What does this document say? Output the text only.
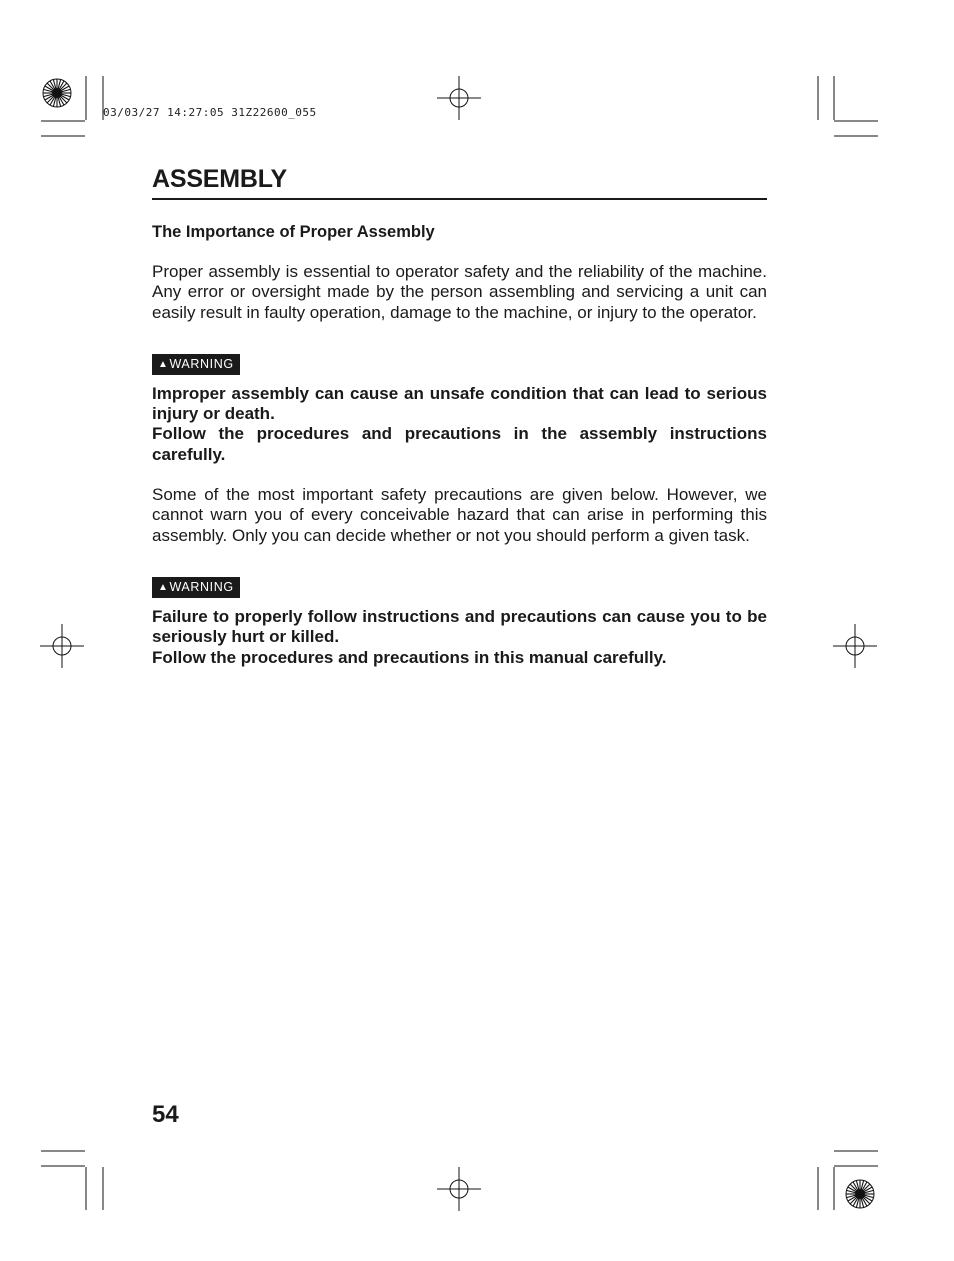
03/03/27 14:27:05 31Z22600_055
ASSEMBLY
The Importance of Proper Assembly

Proper assembly is essential to operator safety and the reliability of the machine. Any error or oversight made by the person assembling and servicing a unit can easily result in faulty operation, damage to the machine, or injury to the operator.

▲ WARNING

Improper assembly can cause an unsafe condition that can lead to serious injury or death.

Follow the procedures and precautions in the assembly instructions carefully.

Some of the most important safety precautions are given below. However, we cannot warn you of every conceivable hazard that can arise in performing this assembly. Only you can decide whether or not you should perform a given task.

▲ WARNING

Failure to properly follow instructions and precautions can cause you to be seriously hurt or killed.

Follow the procedures and precautions in this manual carefully.

54
